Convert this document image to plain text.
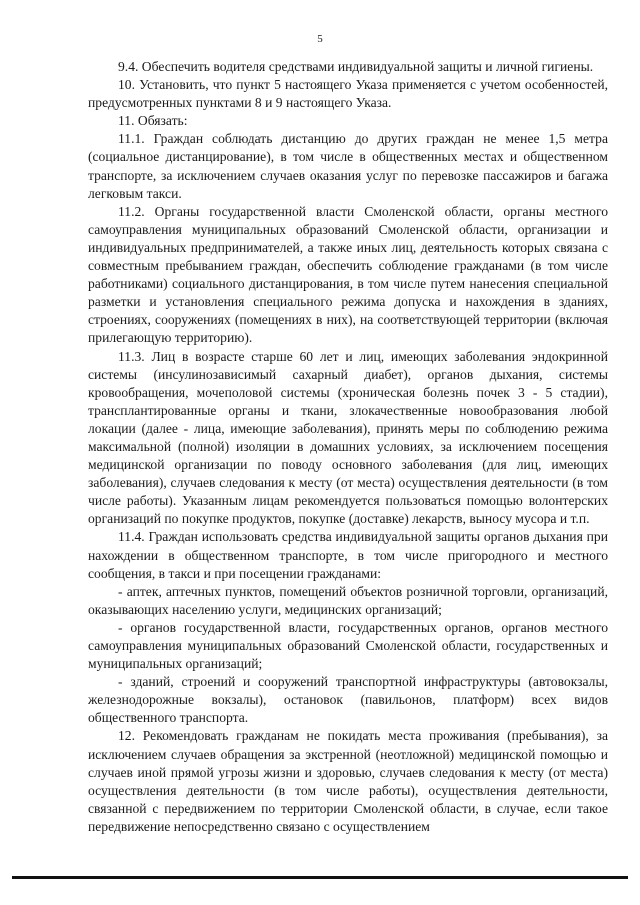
5

9.4. Обеспечить водителя средствами индивидуальной защиты и личной гигиены.

10. Установить, что пункт 5 настоящего Указа применяется с учетом особенностей, предусмотренных пунктами 8 и 9 настоящего Указа.

11. Обязать:

11.1. Граждан соблюдать дистанцию до других граждан не менее 1,5 метра (социальное дистанцирование), в том числе в общественных местах и общественном транспорте, за исключением случаев оказания услуг по перевозке пассажиров и багажа легковым такси.

11.2. Органы государственной власти Смоленской области, органы местного самоуправления муниципальных образований Смоленской области, организации и индивидуальных предпринимателей, а также иных лиц, деятельность которых связана с совместным пребыванием граждан, обеспечить соблюдение гражданами (в том числе работниками) социального дистанцирования, в том числе путем нанесения специальной разметки и установления специального режима допуска и нахождения в зданиях, строениях, сооружениях (помещениях в них), на соответствующей территории (включая прилегающую территорию).

11.3. Лиц в возрасте старше 60 лет и лиц, имеющих заболевания эндокринной системы (инсулинозависимый сахарный диабет), органов дыхания, системы кровообращения, мочеполовой системы (хроническая болезнь почек 3 - 5 стадии), трансплантированные органы и ткани, злокачественные новообразования любой локации (далее - лица, имеющие заболевания), принять меры по соблюдению режима максимальной (полной) изоляции в домашних условиях, за исключением посещения медицинской организации по поводу основного заболевания (для лиц, имеющих заболевания), случаев следования к месту (от места) осуществления деятельности (в том числе работы). Указанным лицам рекомендуется пользоваться помощью волонтерских организаций по покупке продуктов, покупке (доставке) лекарств, выносу мусора и т.п.

11.4. Граждан использовать средства индивидуальной защиты органов дыхания при нахождении в общественном транспорте, в том числе пригородного и местного сообщения, в такси и при посещении гражданами:

- аптек, аптечных пунктов, помещений объектов розничной торговли, организаций, оказывающих населению услуги, медицинских организаций;

- органов государственной власти, государственных органов, органов местного самоуправления муниципальных образований Смоленской области, государственных и муниципальных организаций;

- зданий, строений и сооружений транспортной инфраструктуры (автовокзалы, железнодорожные вокзалы), остановок (павильонов, платформ) всех видов общественного транспорта.

12. Рекомендовать гражданам не покидать места проживания (пребывания), за исключением случаев обращения за экстренной (неотложной) медицинской помощью и случаев иной прямой угрозы жизни и здоровью, случаев следования к месту (от места) осуществления деятельности (в том числе работы), осуществления деятельности, связанной с передвижением по территории Смоленской области, в случае, если такое передвижение непосредственно связано с осуществлением
